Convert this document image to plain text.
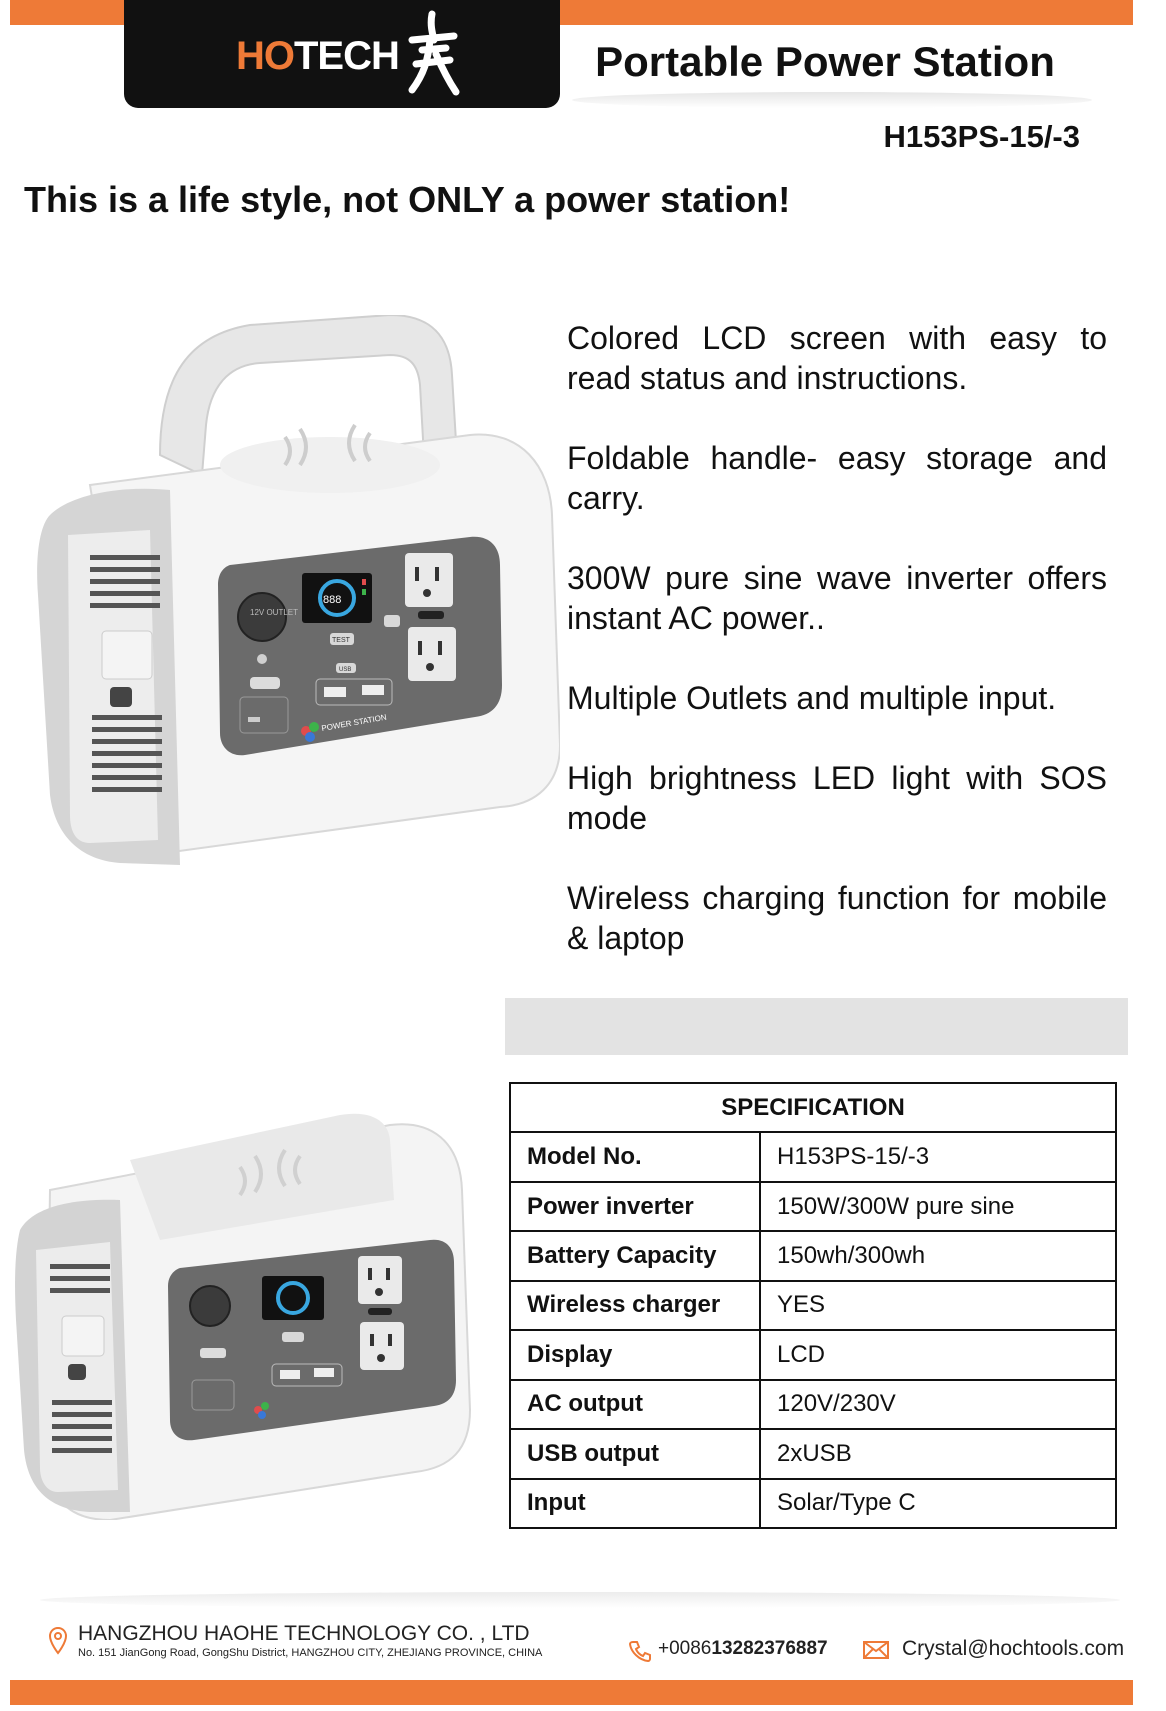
HOTECH	Portable Power Station
H153PS-15/-3
This is a life style, not ONLY a power station!
12V OUTLET
888
TEST
USB
POWER STATION

Colored LCD screen with easy to read status and instructions.

Foldable handle- easy storage and carry.

300W pure sine wave inverter offers instant AC power..

Multiple Outlets and multiple input.

High brightness LED light with SOS mode

Wireless charging function for mobile & laptop

SPECIFICATION	
Model No.	H153PS-15/-3
Power inverter	150W/300W pure sine
Battery Capacity	150wh/300wh
Wireless charger	YES
Display	LCD
AC output	120V/230V
USB output	2xUSB
Input	Solar/Type C
HANGZHOU HAOHE TECHNOLOGY CO. , LTD
No. 151 JianGong Road, GongShu District, HANGZHOU CITY, ZHEJIANG PROVINCE, CHINA	+008613282376887	Crystal@hochtools.com
